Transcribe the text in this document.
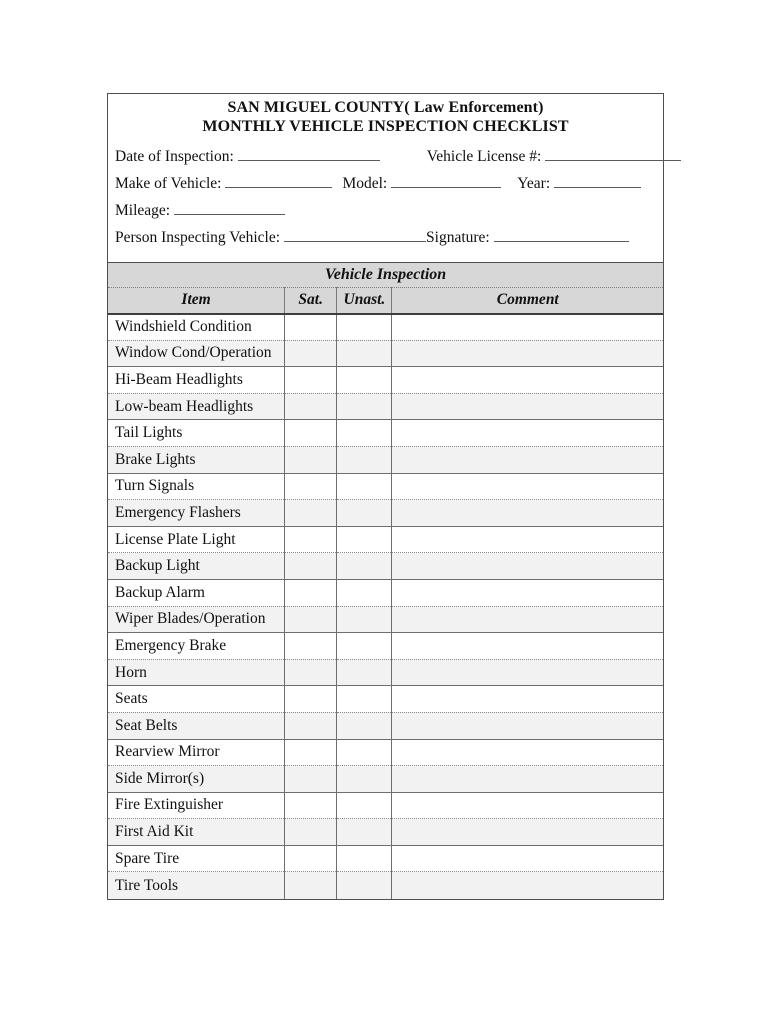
SAN MIGUEL COUNTY( Law Enforcement)
MONTHLY VEHICLE INSPECTION CHECKLIST
Date of Inspection:	Vehicle License #:
Make of Vehicle:	Model:	Year:
Mileage:
Person Inspecting Vehicle:	Signature:
Vehicle Inspection			
Item	Sat.	Unast.	Comment
Windshield Condition			
Window Cond/Operation			
Hi-Beam Headlights			
Low-beam Headlights			
Tail Lights			
Brake Lights			
Turn Signals			
Emergency Flashers			
License Plate Light			
Backup Light			
Backup Alarm			
Wiper Blades/Operation			
Emergency Brake			
Horn			
Seats			
Seat Belts			
Rearview Mirror			
Side Mirror(s)			
Fire Extinguisher			
First Aid Kit			
Spare Tire			
Tire Tools			
